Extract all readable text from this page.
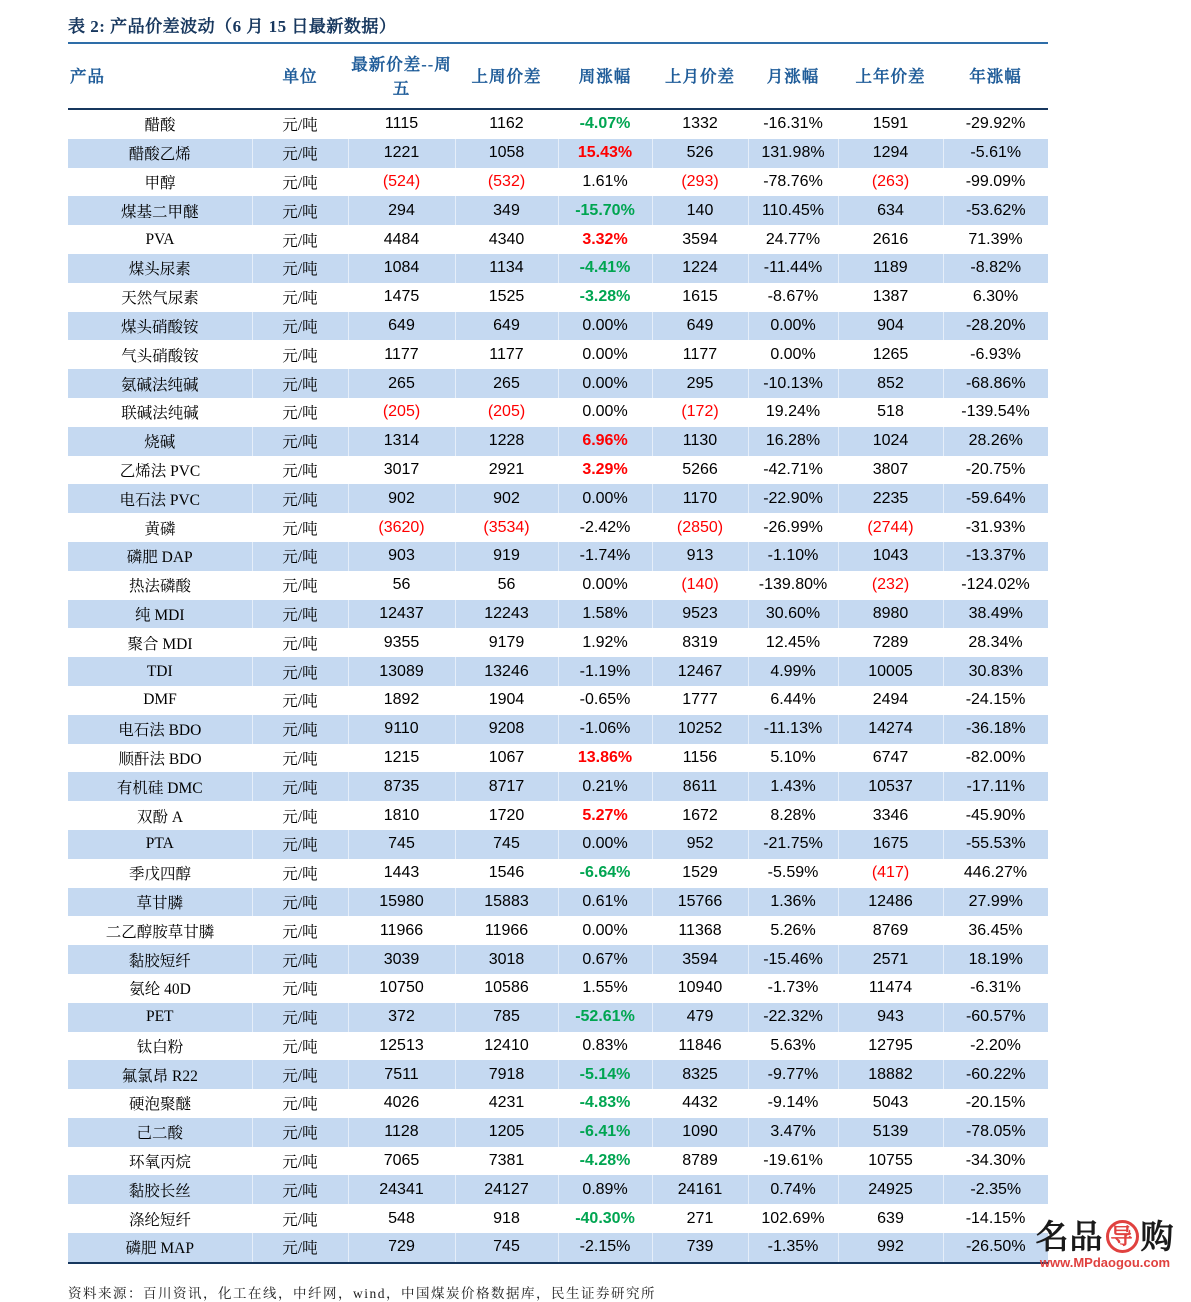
表 2: 产品价差波动（6 月 15 日最新数据）
产品	单位	最新价差--周五	上周价差	周涨幅	上月价差	月涨幅	上年价差	年涨幅
醋酸	元/吨	1115	1162	-4.07%	1332	-16.31%	1591	-29.92%
醋酸乙烯	元/吨	1221	1058	15.43%	526	131.98%	1294	-5.61%
甲醇	元/吨	(524)	(532)	1.61%	(293)	-78.76%	(263)	-99.09%
煤基二甲醚	元/吨	294	349	-15.70%	140	110.45%	634	-53.62%
PVA	元/吨	4484	4340	3.32%	3594	24.77%	2616	71.39%
煤头尿素	元/吨	1084	1134	-4.41%	1224	-11.44%	1189	-8.82%
天然气尿素	元/吨	1475	1525	-3.28%	1615	-8.67%	1387	6.30%
煤头硝酸铵	元/吨	649	649	0.00%	649	0.00%	904	-28.20%
气头硝酸铵	元/吨	1177	1177	0.00%	1177	0.00%	1265	-6.93%
氨碱法纯碱	元/吨	265	265	0.00%	295	-10.13%	852	-68.86%
联碱法纯碱	元/吨	(205)	(205)	0.00%	(172)	19.24%	518	-139.54%
烧碱	元/吨	1314	1228	6.96%	1130	16.28%	1024	28.26%
乙烯法 PVC	元/吨	3017	2921	3.29%	5266	-42.71%	3807	-20.75%
电石法 PVC	元/吨	902	902	0.00%	1170	-22.90%	2235	-59.64%
黄磷	元/吨	(3620)	(3534)	-2.42%	(2850)	-26.99%	(2744)	-31.93%
磷肥 DAP	元/吨	903	919	-1.74%	913	-1.10%	1043	-13.37%
热法磷酸	元/吨	56	56	0.00%	(140)	-139.80%	(232)	-124.02%
纯 MDI	元/吨	12437	12243	1.58%	9523	30.60%	8980	38.49%
聚合 MDI	元/吨	9355	9179	1.92%	8319	12.45%	7289	28.34%
TDI	元/吨	13089	13246	-1.19%	12467	4.99%	10005	30.83%
DMF	元/吨	1892	1904	-0.65%	1777	6.44%	2494	-24.15%
电石法 BDO	元/吨	9110	9208	-1.06%	10252	-11.13%	14274	-36.18%
顺酐法 BDO	元/吨	1215	1067	13.86%	1156	5.10%	6747	-82.00%
有机硅 DMC	元/吨	8735	8717	0.21%	8611	1.43%	10537	-17.11%
双酚 A	元/吨	1810	1720	5.27%	1672	8.28%	3346	-45.90%
PTA	元/吨	745	745	0.00%	952	-21.75%	1675	-55.53%
季戊四醇	元/吨	1443	1546	-6.64%	1529	-5.59%	(417)	446.27%
草甘膦	元/吨	15980	15883	0.61%	15766	1.36%	12486	27.99%
二乙醇胺草甘膦	元/吨	11966	11966	0.00%	11368	5.26%	8769	36.45%
黏胶短纤	元/吨	3039	3018	0.67%	3594	-15.46%	2571	18.19%
氨纶 40D	元/吨	10750	10586	1.55%	10940	-1.73%	11474	-6.31%
PET	元/吨	372	785	-52.61%	479	-22.32%	943	-60.57%
钛白粉	元/吨	12513	12410	0.83%	11846	5.63%	12795	-2.20%
氟氯昂 R22	元/吨	7511	7918	-5.14%	8325	-9.77%	18882	-60.22%
硬泡聚醚	元/吨	4026	4231	-4.83%	4432	-9.14%	5043	-20.15%
己二酸	元/吨	1128	1205	-6.41%	1090	3.47%	5139	-78.05%
环氧丙烷	元/吨	7065	7381	-4.28%	8789	-19.61%	10755	-34.30%
黏胶长丝	元/吨	24341	24127	0.89%	24161	0.74%	24925	-2.35%
涤纶短纤	元/吨	548	918	-40.30%	271	102.69%	639	-14.15%
磷肥 MAP	元/吨	729	745	-2.15%	739	-1.35%	992	-26.50%
资料来源：百川资讯，化工在线，中纤网，wind，中国煤炭价格数据库，民生证券研究所
名品 导 购
www.MPdaogou.com
